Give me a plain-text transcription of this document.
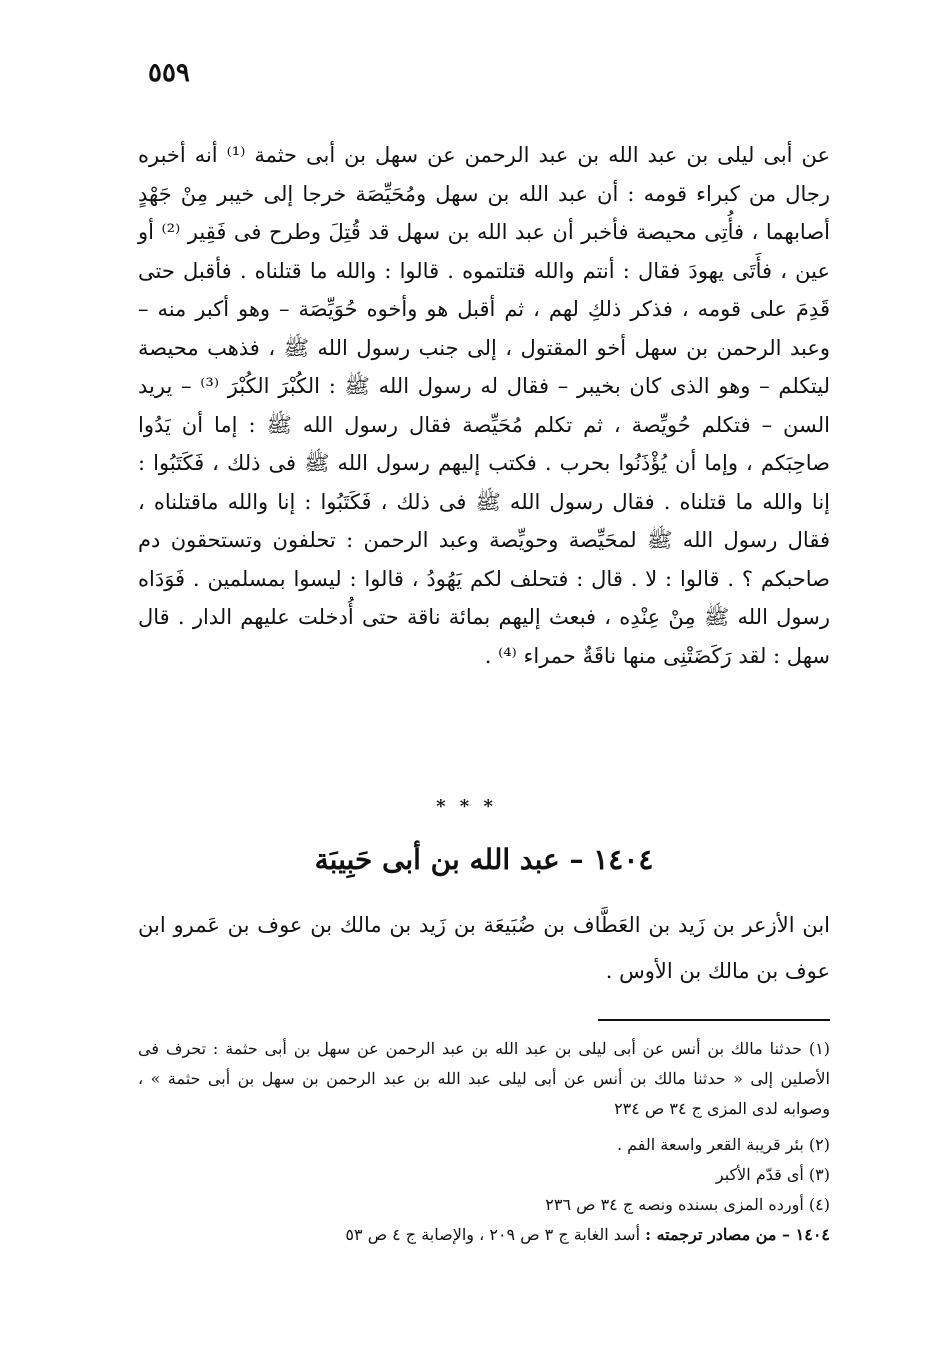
٥٥٩

عن أبى ليلى بن عبد الله بن عبد الرحمن عن سهل بن أبى حثمة ⁽¹⁾ أنه أخبره رجال من كبراء قومه : أن عبد الله بن سهل ومُحَيِّصَة خرجا إلى خيبر مِنْ جَهْدٍ أصابهما ، فأُتِى محيصة فأخبر أن عبد الله بن سهل قد قُتِلَ وطرح فى فَقِير ⁽²⁾ أو عين ، فأَتَى يهودَ فقال : أنتم والله قتلتموه . قالوا : والله ما قتلناه . فأقبل حتى قَدِمَ على قومه ، فذكر ذلكِ لهم ، ثم أقبل هو وأخوه حُوَيِّصَة – وهو أكبر منه – وعبد الرحمن بن سهل أخو المقتول ، إلى جنب رسول الله ﷺ ، فذهب محيصة ليتكلم – وهو الذى كان بخيبر – فقال له رسول الله ﷺ : الكُبْرَ الكُبْرَ ⁽³⁾ – يريد السن – فتكلم حُويِّصة ، ثم تكلم مُحَيِّصة فقال رسول الله ﷺ : إما أن يَدُوا صاحِبَكم ، وإما أن يُؤْذَنُوا بحرب . فكتب إليهم رسول الله ﷺ فى ذلك ، فَكَتَبُوا : إنا والله ما قتلناه . فقال رسول الله ﷺ فى ذلك ، فَكَتَبُوا : إنا والله ماقتلناه ، فقال رسول الله ﷺ لمحَيِّصة وحويِّصة وعبد الرحمن : تحلفون وتستحقون دم صاحبكم ؟ . قالوا : لا . قال : فتحلف لكم يَهُودُ ، قالوا : ليسوا بمسلمين . فَوَدَاه رسول الله ﷺ مِنْ عِنْدِه ، فبعث إليهم بمائة ناقة حتى أُدخلت عليهم الدار . قال سهل : لقد رَكَضَتْنِى منها ناقَةٌ حمراء ⁽⁴⁾ .

* * *
١٤٠٤ – عبد الله بن أبى حَبِيبَة

ابن الأزعر بن زَيد بن العَطَّاف بن ضُبَيعَة بن زَيد بن مالك بن عوف بن عَمرو ابن عوف بن مالك بن الأوس .

(١) حدثنا مالك بن أنس عن أبى ليلى بن عبد الله بن عبد الرحمن عن سهل بن أبى حثمة : تحرف فى الأصلين إلى « حدثنا مالك بن أنس عن أبى ليلى عبد الله بن عبد الرحمن بن سهل بن أبى حثمة » ، وصوابه لدى المزى ج ٣٤ ص ٢٣٤

(٢) بئر قريبة القعر واسعة الفم .

(٣) أى قدّم الأكبر

(٤) أورده المزى بسنده ونصه ج ٣٤ ص ٢٣٦

١٤٠٤ – من مصادر ترجمته : أسد الغابة ج ٣ ص ٢٠٩ ، والإصابة ج ٤ ص ٥٣
